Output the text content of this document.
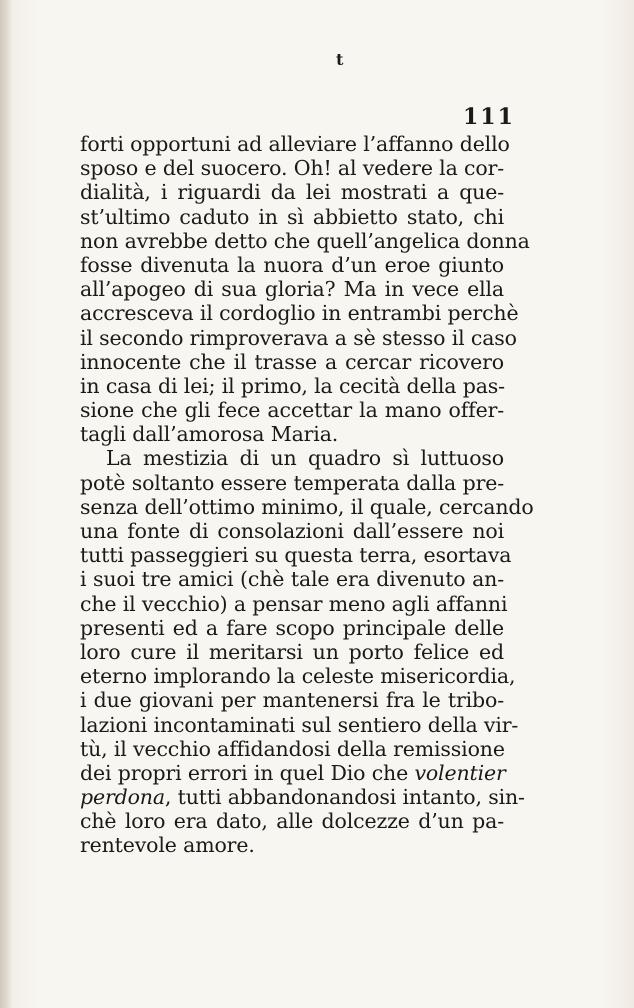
t
111
forti opportuni ad alleviare l’affanno dello
sposo e del suocero. Oh! al vedere la cor-
dialità, i riguardi da lei mostrati a que-
st’ultimo caduto in sì abbietto stato, chi
non avrebbe detto che quell’angelica donna
fosse divenuta la nuora d’un eroe giunto
all’apogeo di sua gloria? Ma in vece ella
accresceva il cordoglio in entrambi perchè
il secondo rimproverava a sè stesso il caso
innocente che il trasse a cercar ricovero
in casa di lei; il primo, la cecità della pas-
sione che gli fece accettar la mano offer-
tagli dall’amorosa Maria.
La mestizia di un quadro sì luttuoso
potè soltanto essere temperata dalla pre-
senza dell’ottimo minimo, il quale, cercando
una fonte di consolazioni dall’essere noi
tutti passeggieri su questa terra, esortava
i suoi tre amici (chè tale era divenuto an-
che il vecchio) a pensar meno agli affanni
presenti ed a fare scopo principale delle
loro cure il meritarsi un porto felice ed
eterno implorando la celeste misericordia,
i due giovani per mantenersi fra le tribo-
lazioni incontaminati sul sentiero della vir-
tù, il vecchio affidandosi della remissione
dei propri errori in quel Dio che volentier
perdona, tutti abbandonandosi intanto, sin-
chè loro era dato, alle dolcezze d’un pa-
rentevole amore.
